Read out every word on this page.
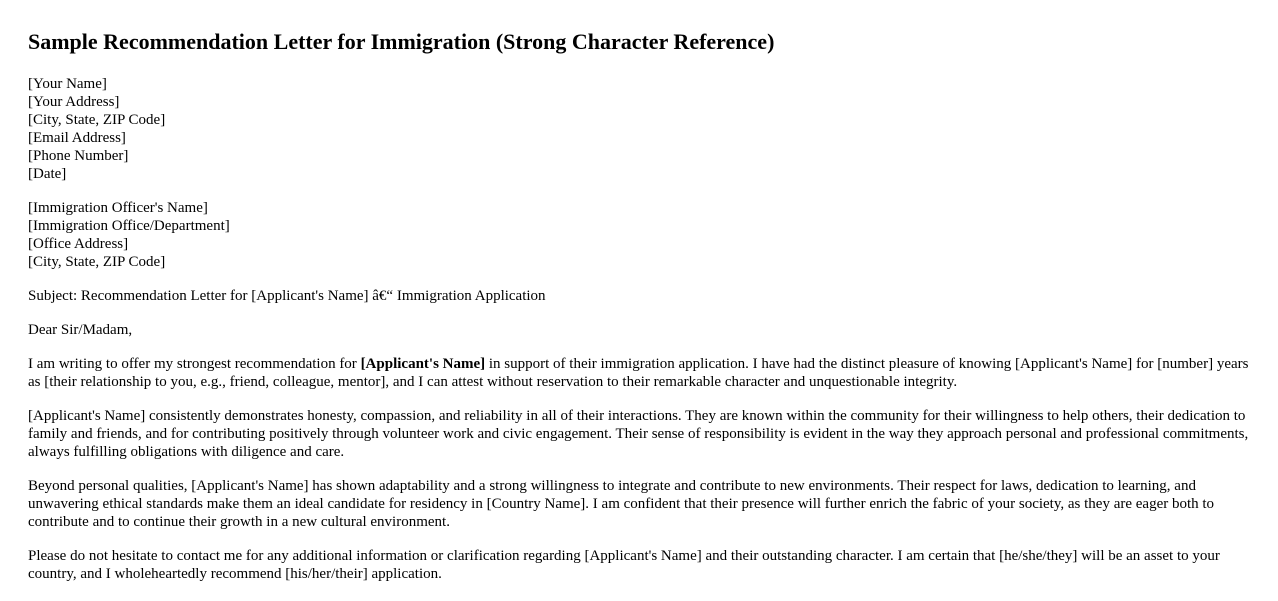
Sample Recommendation Letter for Immigration (Strong Character Reference)
[Your Name]
[Your Address]
[City, State, ZIP Code]
[Email Address]
[Phone Number]
[Date]
[Immigration Officer's Name]
[Immigration Office/Department]
[Office Address]
[City, State, ZIP Code]

Subject: Recommendation Letter for [Applicant's Name] â€“ Immigration Application

Dear Sir/Madam,

I am writing to offer my strongest recommendation for [Applicant's Name] in support of their immigration application. I have had the distinct pleasure of knowing [Applicant's Name] for [number] years as [their relationship to you, e.g., friend, colleague, mentor], and I can attest without reservation to their remarkable character and unquestionable integrity.

[Applicant's Name] consistently demonstrates honesty, compassion, and reliability in all of their interactions. They are known within the community for their willingness to help others, their dedication to family and friends, and for contributing positively through volunteer work and civic engagement. Their sense of responsibility is evident in the way they approach personal and professional commitments, always fulfilling obligations with diligence and care.

Beyond personal qualities, [Applicant's Name] has shown adaptability and a strong willingness to integrate and contribute to new environments. Their respect for laws, dedication to learning, and unwavering ethical standards make them an ideal candidate for residency in [Country Name]. I am confident that their presence will further enrich the fabric of your society, as they are eager both to contribute and to continue their growth in a new cultural environment.

Please do not hesitate to contact me for any additional information or clarification regarding [Applicant's Name] and their outstanding character. I am certain that [he/she/they] will be an asset to your country, and I wholeheartedly recommend [his/her/their] application.
